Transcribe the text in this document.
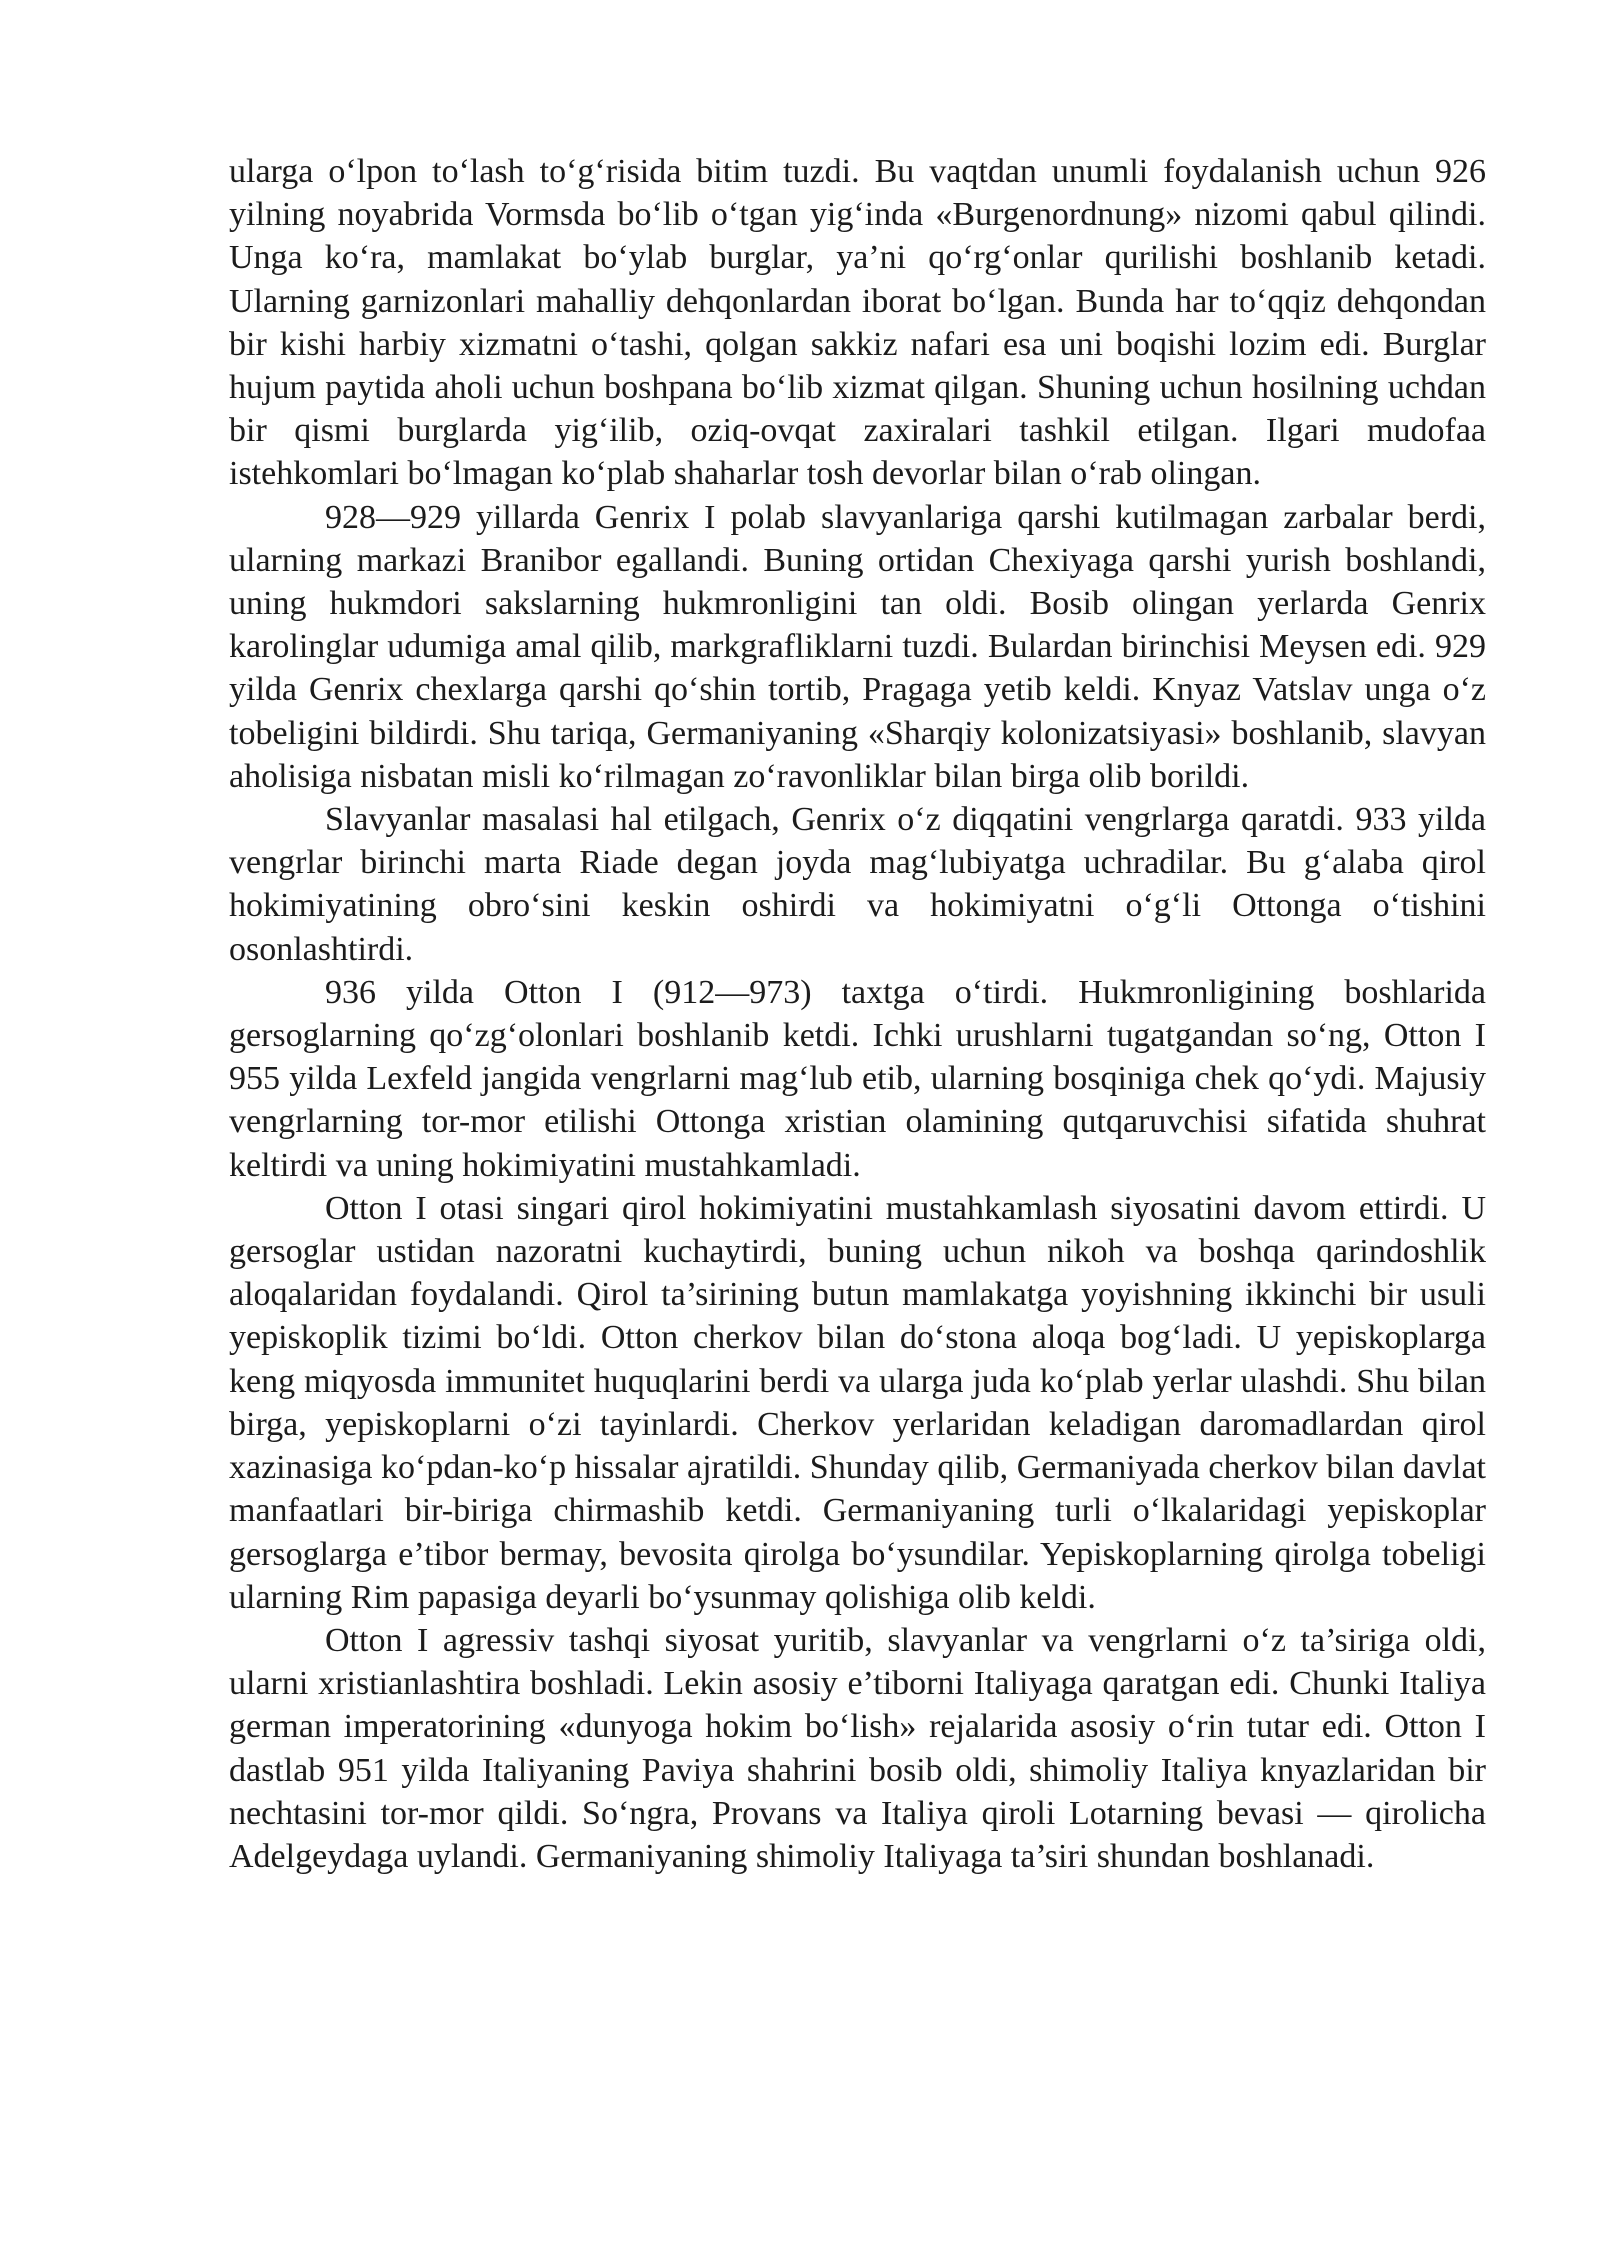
ularga o‘lpon to‘lash to‘g‘risida bitim tuzdi. Bu vaqtdan unumli foydalanish uchun 926 yilning noyabrida Vormsda bo‘lib o‘tgan yig‘inda «Burgenordnung» nizomi qabul qilindi. Unga ko‘ra, mamlakat bo‘ylab burglar, ya’ni qo‘rg‘onlar qurilishi boshlanib ketadi. Ularning garnizonlari mahalliy dehqonlardan iborat bo‘lgan. Bunda har to‘qqiz dehqondan bir kishi harbiy xizmatni o‘tashi, qolgan sakkiz nafari esa uni boqishi lozim edi. Burglar hujum paytida aholi uchun boshpana bo‘lib xizmat qilgan. Shuning uchun hosilning uchdan bir qismi burglarda yig‘ilib, oziq-ovqat zaxiralari tashkil etilgan. Ilgari mudofaa istehkomlari bo‘lmagan ko‘plab shaharlar tosh devorlar bilan o‘rab olingan.

928—929 yillarda Genrix I polab slavyanlariga qarshi kutilmagan zarbalar berdi, ularning markazi Branibor egallandi. Buning ortidan Chexiyaga qarshi yurish boshlandi, uning hukmdori sakslarning hukmronligini tan oldi. Bosib olingan yerlarda Genrix karolinglar udumiga amal qilib, markgrafliklarni tuzdi. Bulardan birinchisi Meysen edi. 929 yilda Genrix chexlarga qarshi qo‘shin tortib, Pragaga yetib keldi. Knyaz Vatslav unga o‘z tobeligini bildirdi. Shu tariqa, Germaniyaning «Sharqiy kolonizatsiyasi» boshlanib, slavyan aholisiga nisbatan misli ko‘rilmagan zo‘ravonliklar bilan birga olib borildi.

Slavyanlar masalasi hal etilgach, Genrix o‘z diqqatini vengrlarga qaratdi. 933 yilda vengrlar birinchi marta Riade degan joyda mag‘lubiyatga uchradilar. Bu g‘alaba qirol hokimiyatining obro‘sini keskin oshirdi va hokimiyatni o‘g‘li Ottonga o‘tishini osonlashtirdi.

936 yilda Otton I (912—973) taxtga o‘tirdi. Hukmronligining boshlarida gersoglarning qo‘zg‘olonlari boshlanib ketdi. Ichki urushlarni tugatgandan so‘ng, Otton I 955 yilda Lexfeld jangida vengrlarni mag‘lub etib, ularning bosqiniga chek qo‘ydi. Majusiy vengrlarning tor-mor etilishi Ottonga xristian olamining qutqaruvchisi sifatida shuhrat keltirdi va uning hokimiyatini mustahkamladi.

Otton I otasi singari qirol hokimiyatini mustahkamlash siyosatini davom ettirdi. U gersoglar ustidan nazoratni kuchaytirdi, buning uchun nikoh va boshqa qarindoshlik aloqalaridan foydalandi. Qirol ta’sirining butun mamlakatga yoyishning ikkinchi bir usuli yepiskoplik tizimi bo‘ldi. Otton cherkov bilan do‘stona aloqa bog‘ladi. U yepiskoplarga keng miqyosda immunitet huquqlarini berdi va ularga juda ko‘plab yerlar ulashdi. Shu bilan birga, yepiskoplarni o‘zi tayinlardi. Cherkov yerlaridan keladigan daromadlardan qirol xazinasiga ko‘pdan-ko‘p hissalar ajratildi. Shunday qilib, Germaniyada cherkov bilan davlat manfaatlari bir-biriga chirmashib ketdi. Germaniyaning turli o‘lkalaridagi yepiskoplar gersoglarga e’tibor bermay, bevosita qirolga bo‘ysundilar. Yepiskoplarning qirolga tobeligi ularning Rim papasiga deyarli bo‘ysunmay qolishiga olib keldi.

Otton I agressiv tashqi siyosat yuritib, slavyanlar va vengrlarni o‘z ta’siriga oldi, ularni xristianlashtira boshladi. Lekin asosiy e’tiborni Italiyaga qaratgan edi. Chunki Italiya german imperatorining «dunyoga hokim bo‘lish» rejalarida asosiy o‘rin tutar edi. Otton I dastlab 951 yilda Italiyaning Paviya shahrini bosib oldi, shimoliy Italiya knyazlaridan bir nechtasini tor-mor qildi. So‘ngra, Provans va Italiya qiroli Lotarning bevasi — qirolicha Adelgeydaga uylandi. Germaniyaning shimoliy Italiyaga ta’siri shundan boshlanadi.
